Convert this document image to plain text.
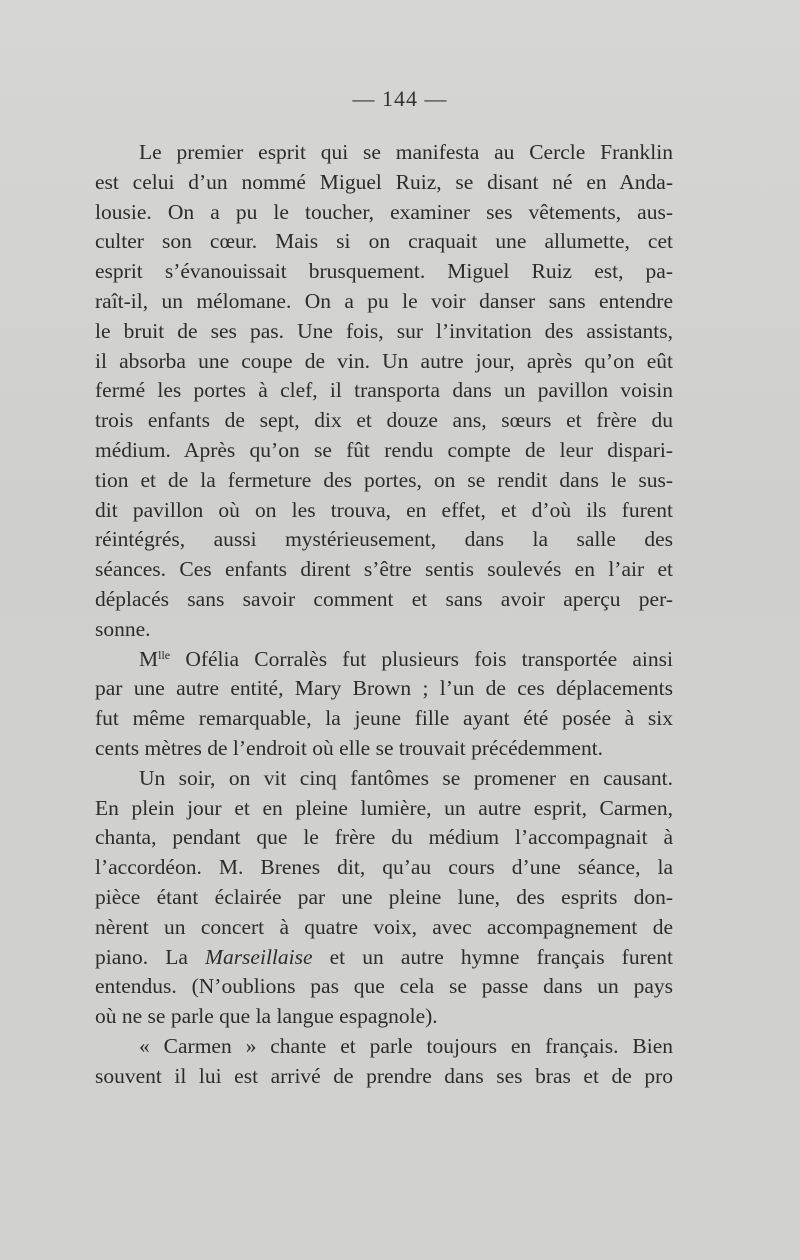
— 144 —
Le premier esprit qui se manifesta au Cercle Franklin
est celui d’un nommé Miguel Ruiz, se disant né en Anda-
lousie. On a pu le toucher, examiner ses vêtements, aus-
culter son cœur. Mais si on craquait une allumette, cet
esprit s’évanouissait brusquement. Miguel Ruiz est, pa-
raît-il, un mélomane. On a pu le voir danser sans entendre
le bruit de ses pas. Une fois, sur l’invitation des assistants,
il absorba une coupe de vin. Un autre jour, après qu’on eût
fermé les portes à clef, il transporta dans un pavillon voisin
trois enfants de sept, dix et douze ans, sœurs et frère du
médium. Après qu’on se fût rendu compte de leur dispari-
tion et de la fermeture des portes, on se rendit dans le sus-
dit pavillon où on les trouva, en effet, et d’où ils furent
réintégrés, aussi mystérieusement, dans la salle des
séances. Ces enfants dirent s’être sentis soulevés en l’air et
déplacés sans savoir comment et sans avoir aperçu per-
sonne.
$M^{lle}$ Ofélia Corralès fut plusieurs fois transportée ainsi
par une autre entité, Mary Brown ; l’un de ces déplacements
fut même remarquable, la jeune fille ayant été posée à six
cents mètres de l’endroit où elle se trouvait précédemment.
Un soir, on vit cinq fantômes se promener en causant.
En plein jour et en pleine lumière, un autre esprit, Carmen,
chanta, pendant que le frère du médium l’accompagnait à
l’accordéon. M. Brenes dit, qu’au cours d’une séance, la
pièce étant éclairée par une pleine lune, des esprits don-
nèrent un concert à quatre voix, avec accompagnement de
piano. La Marseillaise et un autre hymne français furent
entendus. (N’oublions pas que cela se passe dans un pays
où ne se parle que la langue espagnole).
« Carmen » chante et parle toujours en français. Bien
souvent il lui est arrivé de prendre dans ses bras et de pro
